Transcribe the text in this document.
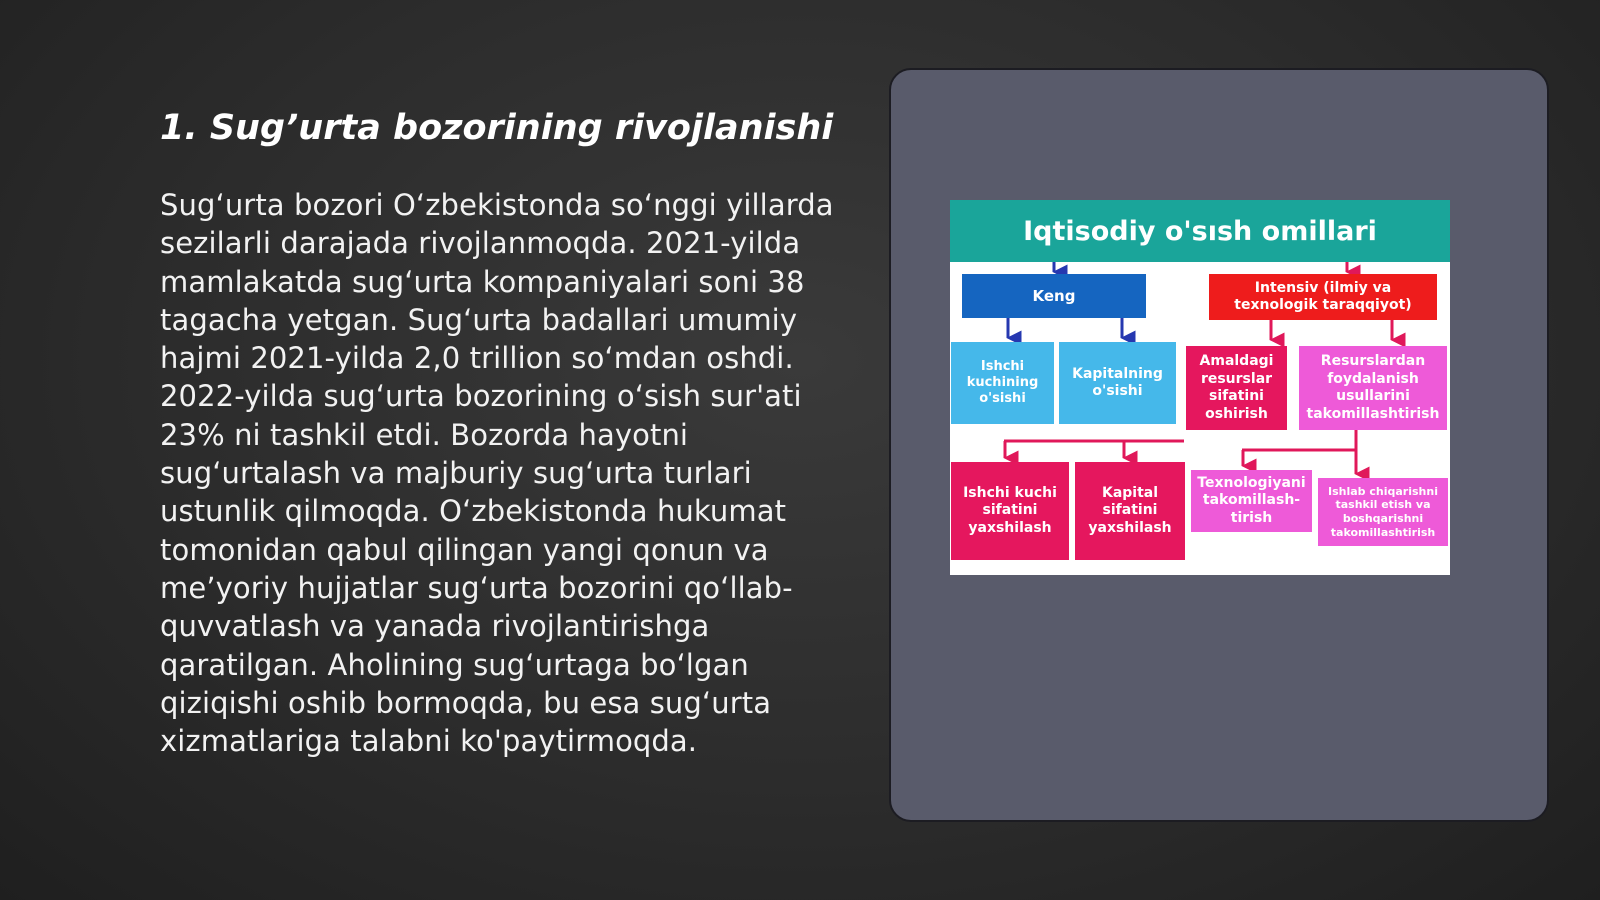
1. Sug’urta bozorining rivojlanishi

Sug‘urta bozori O‘zbekistonda so‘nggi yillarda sezilarli darajada rivojlanmoqda. 2021-yilda mamlakatda sug‘urta kompaniyalari soni 38 tagacha yetgan. Sug‘urta badallari umumiy hajmi 2021-yilda 2,0 trillion so‘mdan oshdi. 2022-yilda sug‘urta bozorining o‘sish sur'ati 23% ni tashkil etdi. Bozorda hayotni sug‘urtalash va majburiy sug‘urta turlari ustunlik qilmoqda. O‘zbekistonda hukumat tomonidan qabul qilingan yangi qonun va me’yoriy hujjatlar sug‘urta bozorini qo‘llab-quvvatlash va yanada rivojlantirishga qaratilgan. Aholining sug‘urtaga bo‘lgan qiziqishi oshib bormoqda, bu esa sug‘urta xizmatlariga talabni ko'paytirmoqda.

Iqtisodiy o'sısh omillari
Keng	Intensiv (ilmiy va texnologik taraqqiyot)
Ishchi kuchining o'sishi
Kapitalning o'sishi
Amaldagi resurslar sifatini oshirish
Resurslardan foydalanish usullarini takomillashtirish
Ishchi kuchi sifatini yaxshilash
Kapital sifatini yaxshilash
Texnologiyani takomillash-tirish
Ishlab chiqarishni tashkil etish va boshqarishni takomillashtirish
